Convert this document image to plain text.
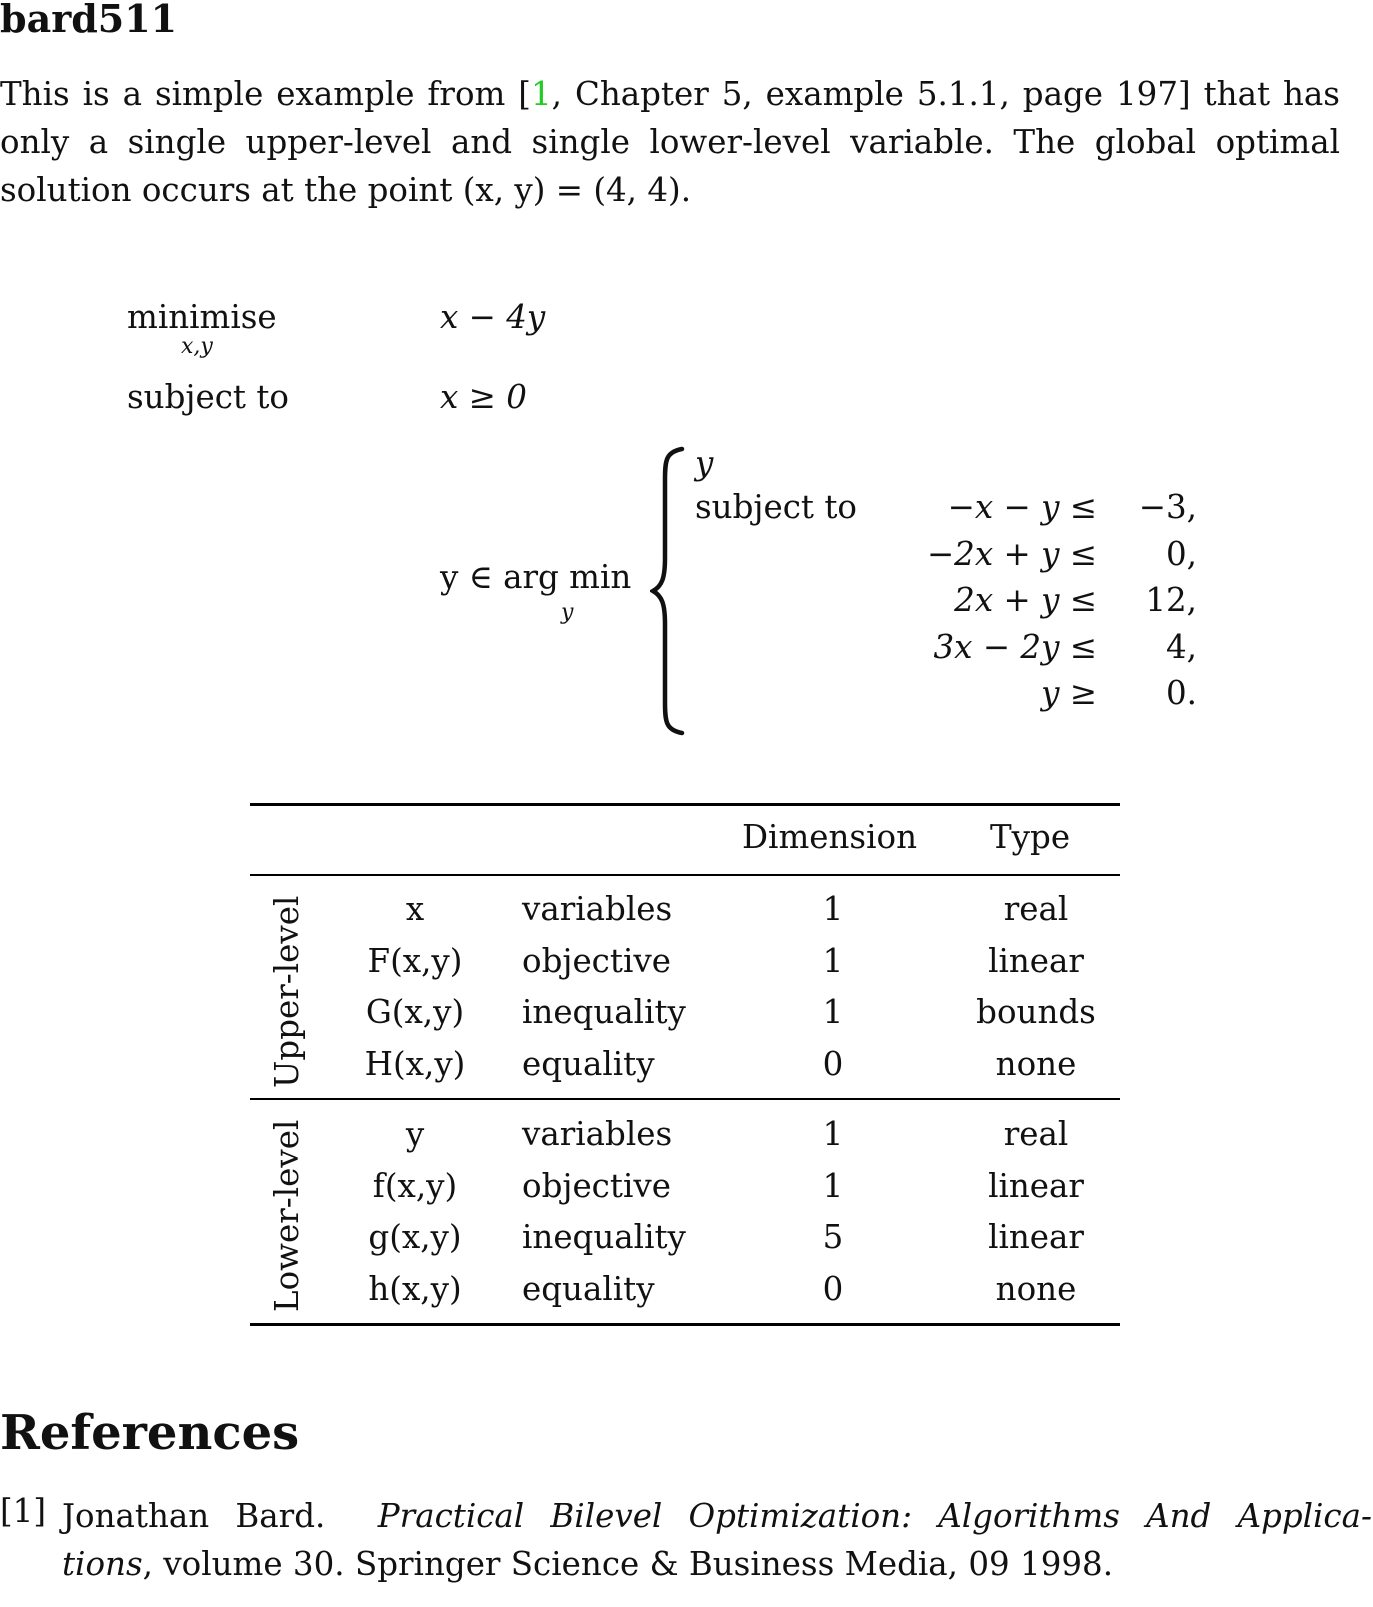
bard511
This is a simple example from [1, Chapter 5, example 5.1.1, page 197] that has
only a single upper-level and single lower-level variable. The global optimal
solution occurs at the point (x, y) = (4, 4).
minimise
x,y
x − 4y
subject to	x ≥ 0
y ∈ arg min
y
y
subject to	−x − y ≤ −3,
−2x + y ≤ 0,
2x + y ≤ 12,
3x − 2y ≤ 4,
y ≥ 0.
Dimension Type
Upper-level	x	variables	1	real
F(x,y) objective	1	linear
G(x,y) inequality	1	bounds
H(x,y) equality	0	none
Lower-level	y	variables	1	real
f(x,y) objective	1	linear
g(x,y) inequality	5	linear
h(x,y) equality	0	none
References
[1] Jonathan Bard. Practical Bilevel Optimization: Algorithms And Applica-
tions, volume 30. Springer Science & Business Media, 09 1998.
